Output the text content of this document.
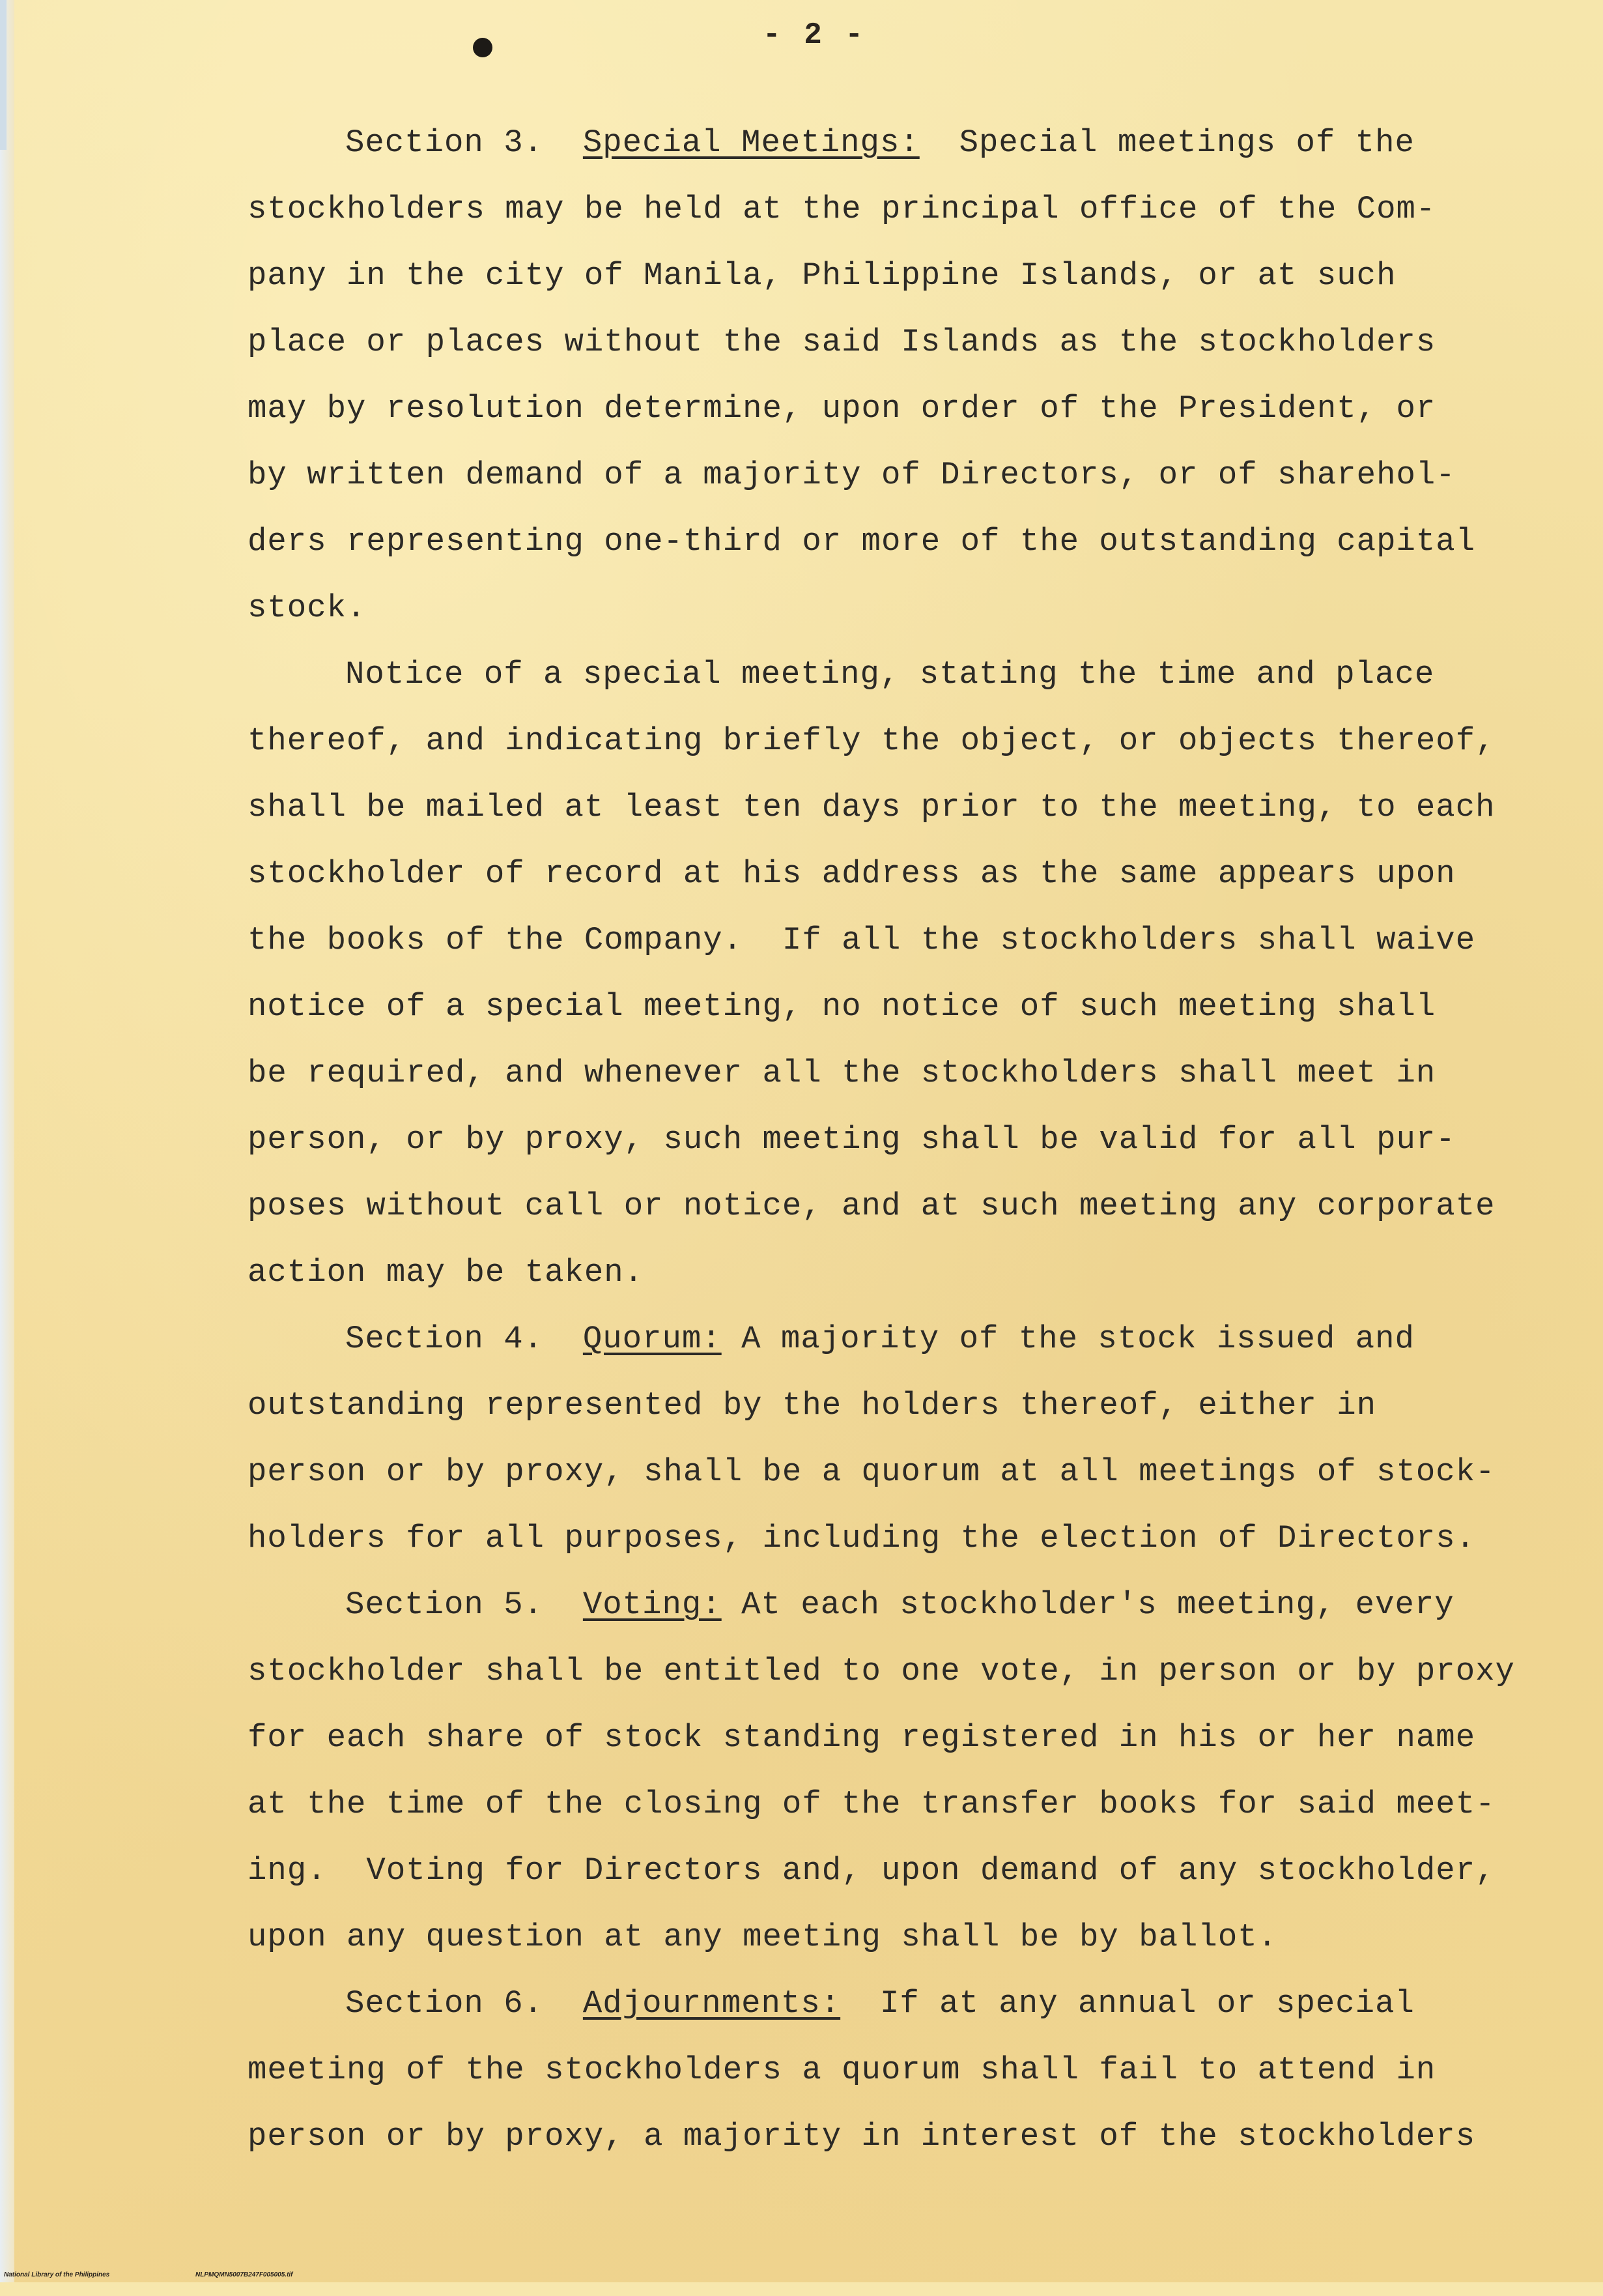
- 2 -
Section 3. Special Meetings: Special meetings of the
stockholders may be held at the principal office of the Com-
pany in the city of Manila, Philippine Islands, or at such
place or places without the said Islands as the stockholders
may by resolution determine, upon order of the President, or
by written demand of a majority of Directors, or of sharehol-
ders representing one-third or more of the outstanding capital
stock.
Notice of a special meeting, stating the time and place
thereof, and indicating briefly the object, or objects thereof,
shall be mailed at least ten days prior to the meeting, to each
stockholder of record at his address as the same appears upon
the books of the Company.  If all the stockholders shall waive
notice of a special meeting, no notice of such meeting shall
be required, and whenever all the stockholders shall meet in
person, or by proxy, such meeting shall be valid for all pur-
poses without call or notice, and at such meeting any corporate
action may be taken.
Section 4. Quorum: A majority of the stock issued and
outstanding represented by the holders thereof, either in
person or by proxy, shall be a quorum at all meetings of stock-
holders for all purposes, including the election of Directors.
Section 5. Voting: At each stockholder's meeting, every
stockholder shall be entitled to one vote, in person or by proxy
for each share of stock standing registered in his or her name
at the time of the closing of the transfer books for said meet-
ing.  Voting for Directors and, upon demand of any stockholder,
upon any question at any meeting shall be by ballot.
Section 6. Adjournments: If at any annual or special
meeting of the stockholders a quorum shall fail to attend in
person or by proxy, a majority in interest of the stockholders

National Library of the Philippines

	NLPMQMN5007B247F005005.tif
